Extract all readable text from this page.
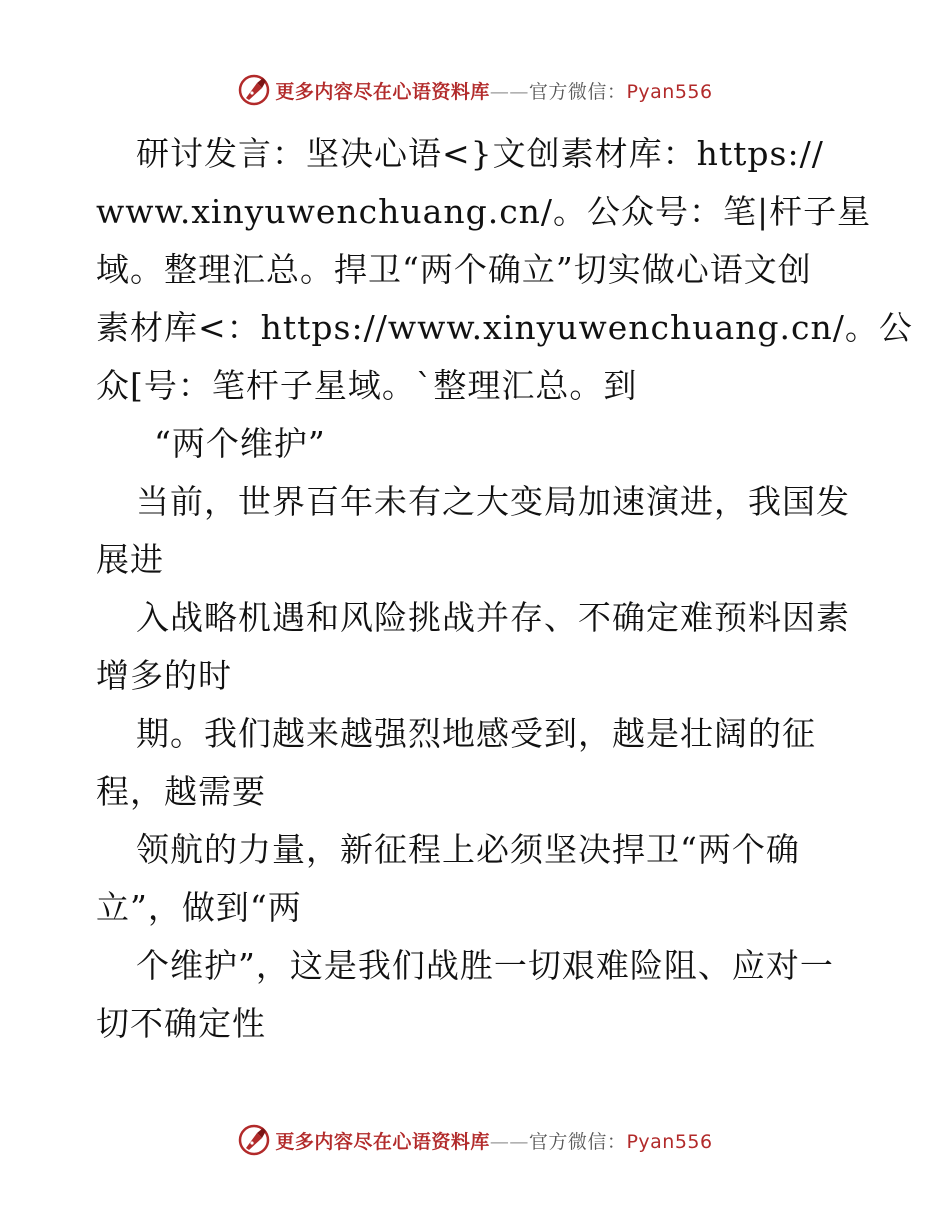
更多内容尽在心语资料库——官方微信：Pyan556
研讨发言：坚决心语<}文创素材库：https://
www.xinyuwenchuang.cn/。公众号：笔|杆子星
域。整理汇总。捍卫“两个确立”切实做心语文创
素材库<：https://www.xinyuwenchuang.cn/。公
众[号：笔杆子星域。`整理汇总。到
“两个维护”
当前，世界百年未有之大变局加速演进，我国发
展进
入战略机遇和风险挑战并存、不确定难预料因素
增多的时
期。我们越来越强烈地感受到，越是壮阔的征
程，越需要
领航的力量，新征程上必须坚决捍卫“两个确
立”，做到“两
个维护”，这是我们战胜一切艰难险阻、应对一
切不确定性
更多内容尽在心语资料库——官方微信：Pyan556
